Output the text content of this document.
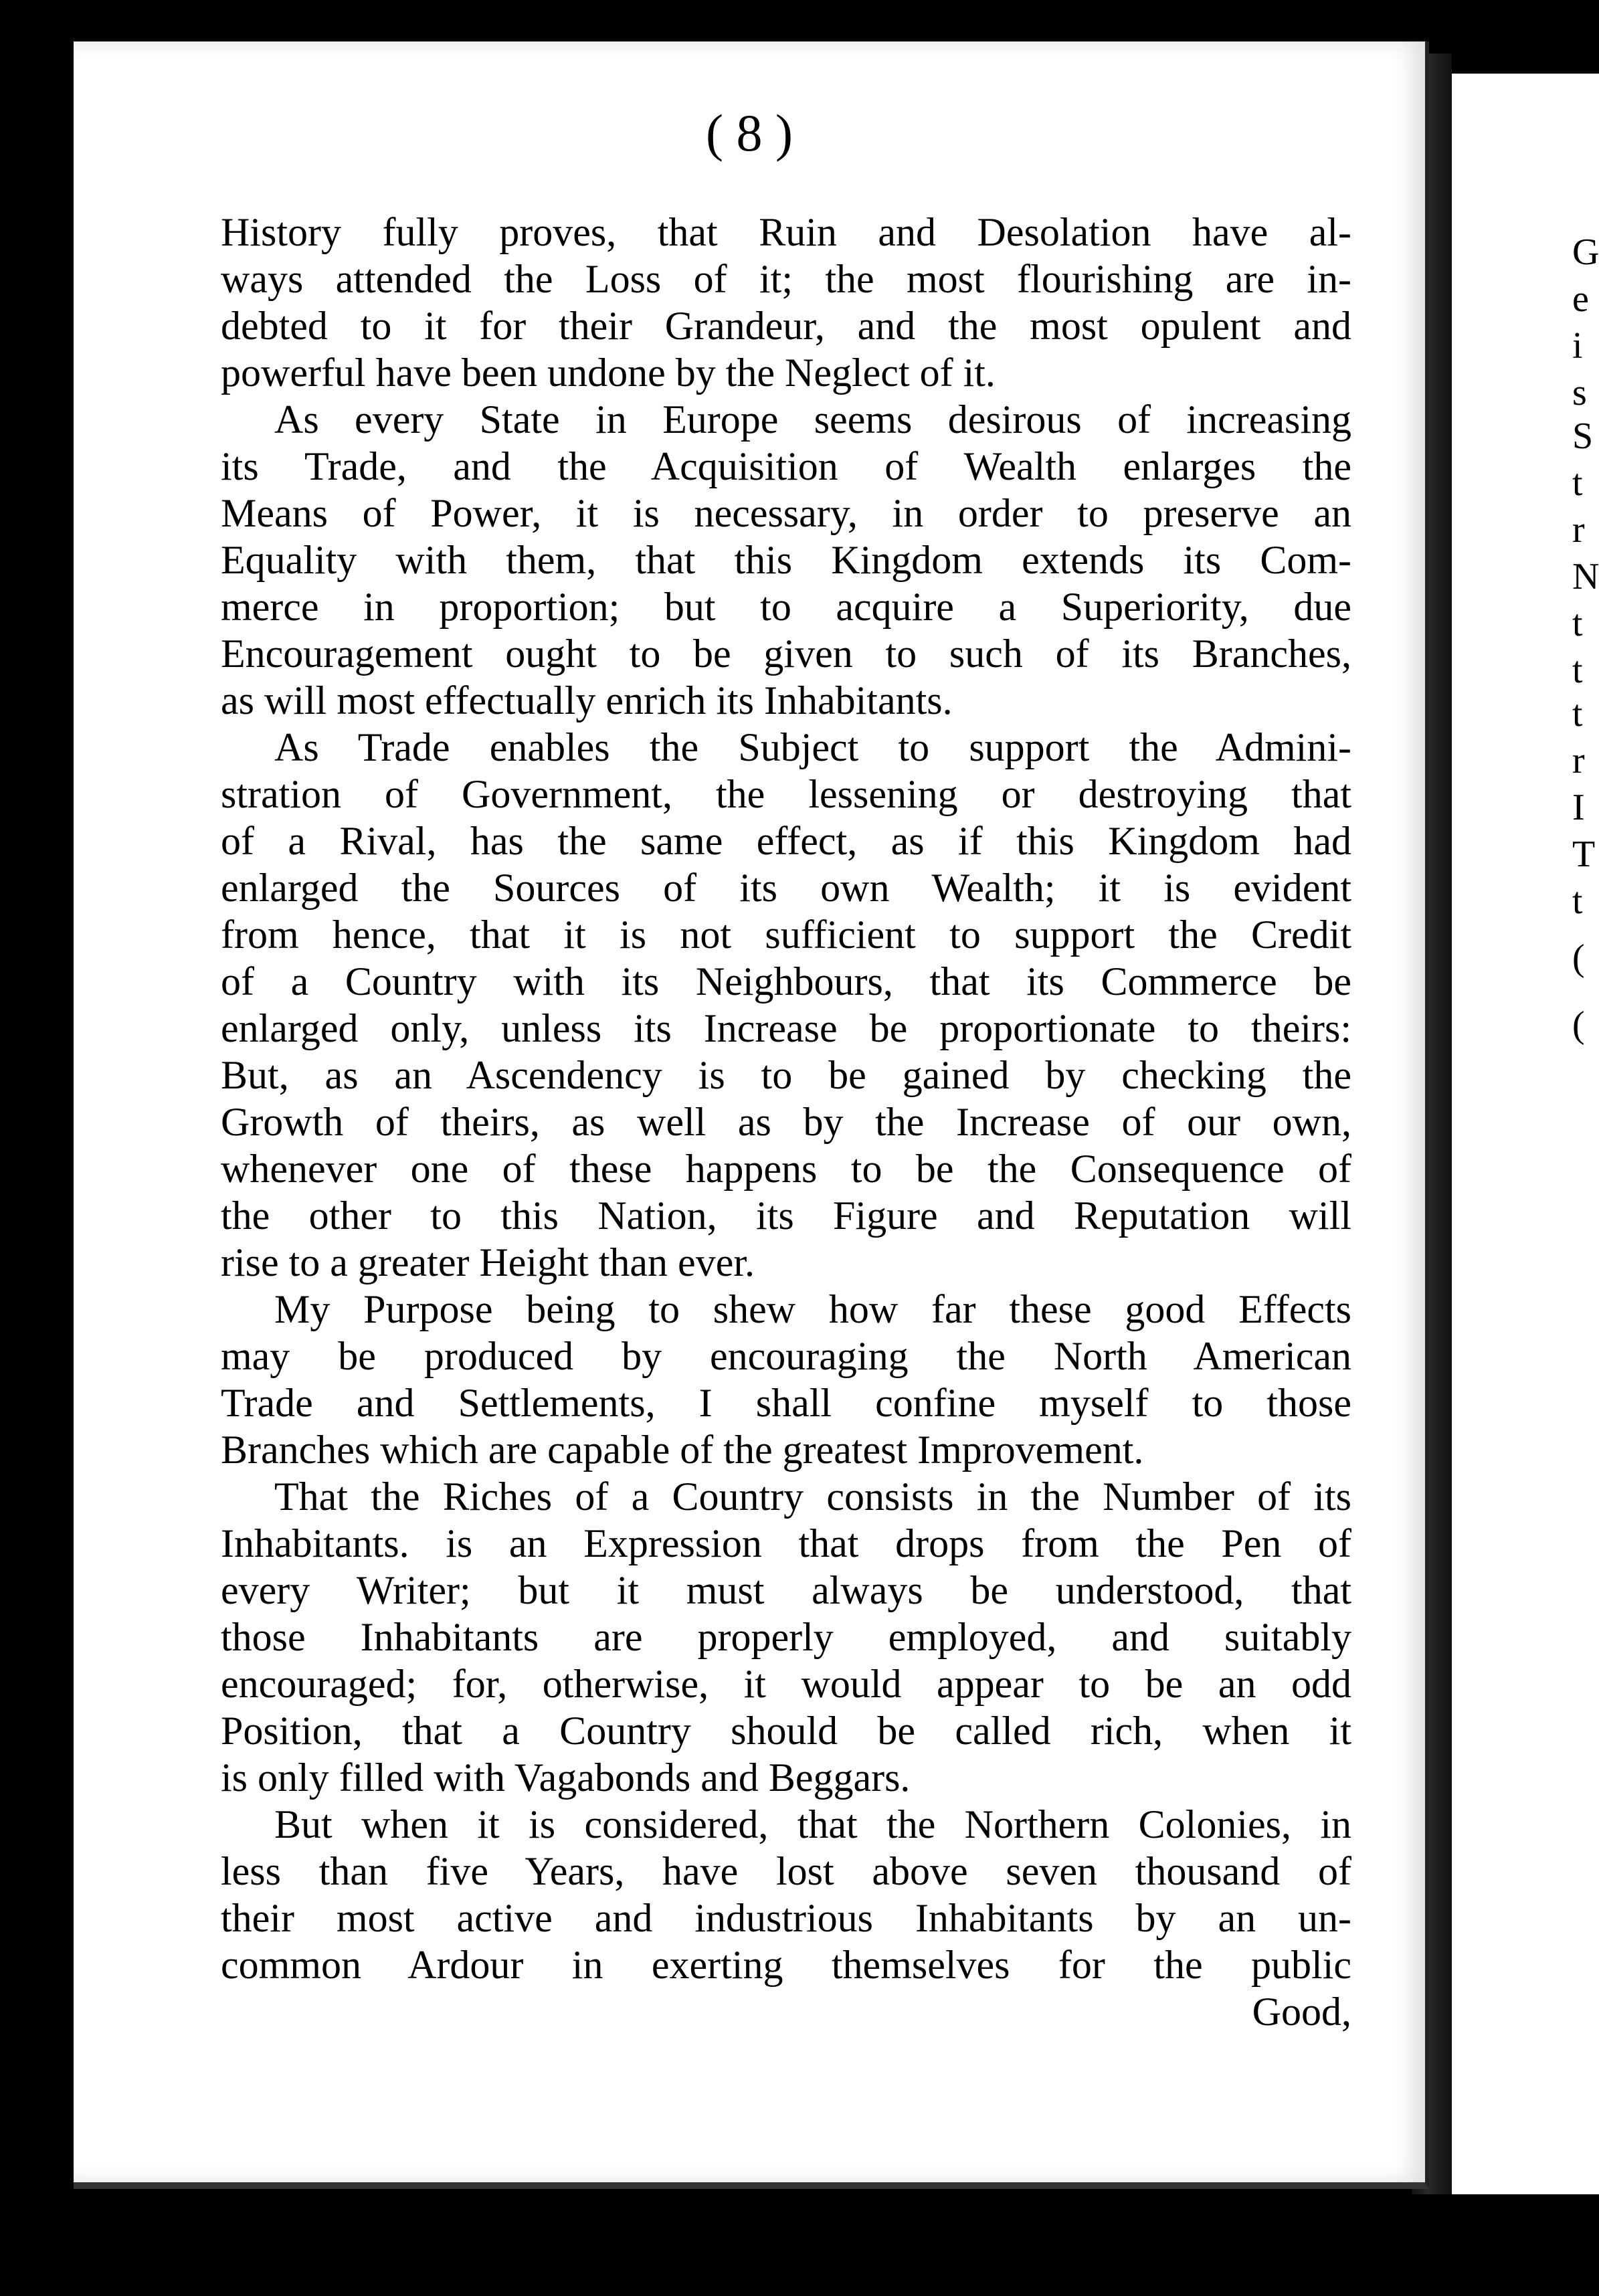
G
e
i
s
S
t
r
N
t
t
t
r
I
T
t
(
(
( 8 )
History fully proves, that Ruin and Desolation have al-
ways attended the Loss of it; the most flourishing are in-
debted to it for their Grandeur, and the most opulent and
powerful have been undone by the Neglect of it.
As every State in Europe seems desirous of increasing
its Trade, and the Acquisition of Wealth enlarges the
Means of Power, it is necessary, in order to preserve an
Equality with them, that this Kingdom extends its Com-
merce in proportion; but to acquire a Superiority, due
Encouragement ought to be given to such of its Branches,
as will most effectually enrich its Inhabitants.
As Trade enables the Subject to support the Admini-
stration of Government, the lessening or destroying that
of a Rival, has the same effect, as if this Kingdom had
enlarged the Sources of its own Wealth; it is evident
from hence, that it is not sufficient to support the Credit
of a Country with its Neighbours, that its Commerce be
enlarged only, unless its Increase be proportionate to theirs:
But, as an Ascendency is to be gained by checking the
Growth of theirs, as well as by the Increase of our own,
whenever one of these happens to be the Consequence of
the other to this Nation, its Figure and Reputation will
rise to a greater Height than ever.
My Purpose being to shew how far these good Effects
may be produced by encouraging the North American
Trade and Settlements, I shall confine myself to those
Branches which are capable of the greatest Improvement.
That the Riches of a Country consists in the Number of its
Inhabitants. is an Expression that drops from the Pen of
every Writer; but it must always be understood, that
those Inhabitants are properly employed, and suitably
encouraged; for, otherwise, it would appear to be an odd
Position, that a Country should be called rich, when it
is only filled with Vagabonds and Beggars.
But when it is considered, that the Northern Colonies, in
less than five Years, have lost above seven thousand of
their most active and industrious Inhabitants by an un-
common Ardour in exerting themselves for the public
Good,
